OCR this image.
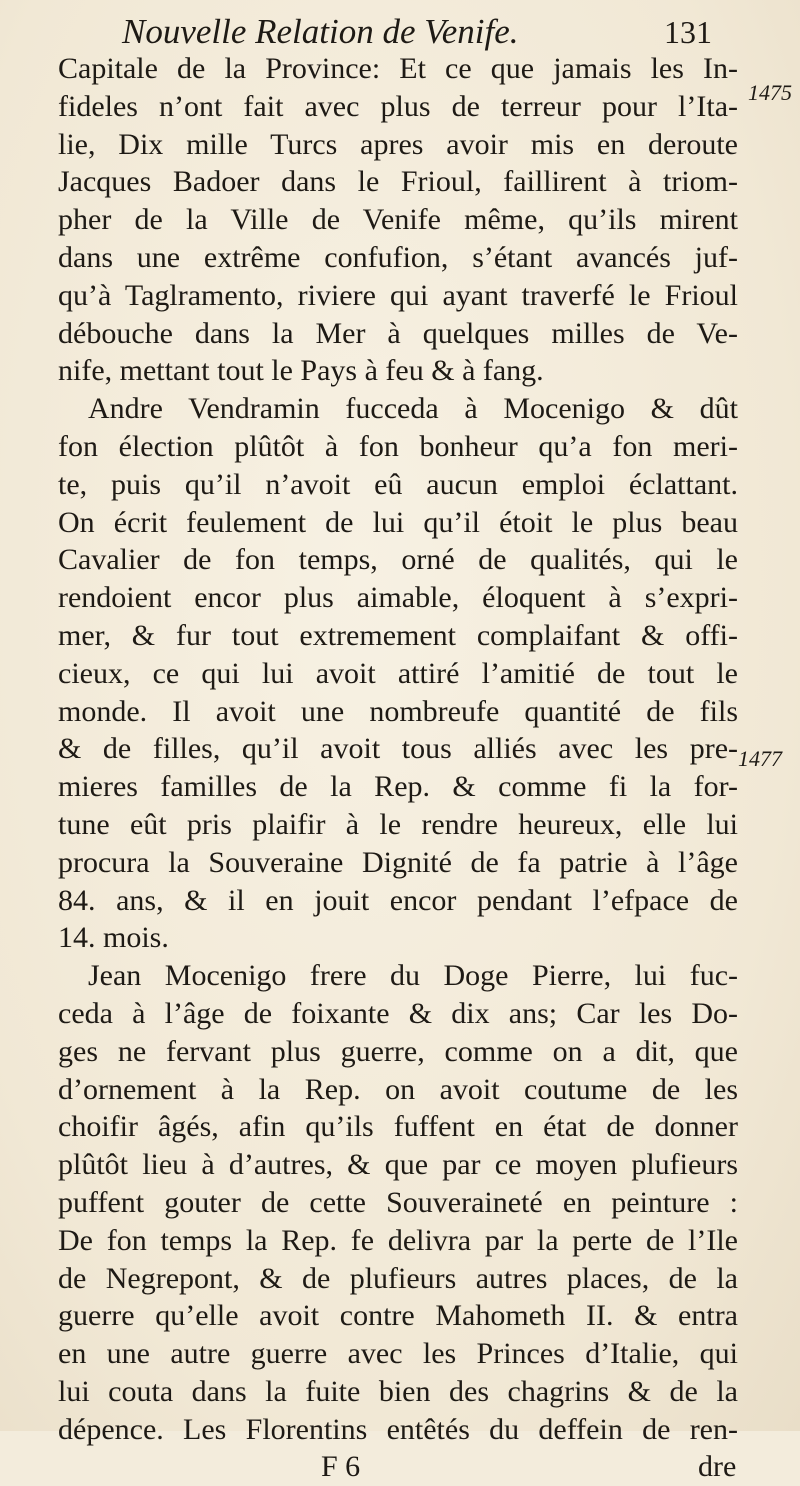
Nouvelle Relation de Venife.	131
1475
1477
Capitale de la Province: Et ce que jamais les In-
fideles n’ont fait avec plus de terreur pour l’Ita-
lie, Dix mille Turcs apres avoir mis en deroute
Jacques Badoer dans le Frioul, faillirent à triom-
pher de la Ville de Venife même, qu’ils mirent
dans une extrême confufion, s’étant avancés juf-
qu’à Taglramento, riviere qui ayant traverfé le Frioul
débouche dans la Mer à quelques milles de Ve-
nife, mettant tout le Pays à feu & à fang.
Andre Vendramin fucceda à Mocenigo & dût
fon élection plûtôt à fon bonheur qu’a fon meri-
te, puis qu’il n’avoit eû aucun emploi éclattant.
On écrit feulement de lui qu’il étoit le plus beau
Cavalier de fon temps, orné de qualités, qui le
rendoient encor plus aimable, éloquent à s’expri-
mer, & fur tout extremement complaifant & offi-
cieux, ce qui lui avoit attiré l’amitié de tout le
monde. Il avoit une nombreufe quantité de fils
& de filles, qu’il avoit tous alliés avec les pre-
mieres familles de la Rep. & comme fi la for-
tune eût pris plaifir à le rendre heureux, elle lui
procura la Souveraine Dignité de fa patrie à l’âge
84. ans, & il en jouit encor pendant l’efpace de
14. mois.
Jean Mocenigo frere du Doge Pierre, lui fuc-
ceda à l’âge de foixante & dix ans; Car les Do-
ges ne fervant plus guerre, comme on a dit, que
d’ornement à la Rep. on avoit coutume de les
choifir âgés, afin qu’ils fuffent en état de donner
plûtôt lieu à d’autres, & que par ce moyen plufieurs
puffent gouter de cette Souveraineté en peinture :
De fon temps la Rep. fe delivra par la perte de l’Ile
de Negrepont, & de plufieurs autres places, de la
guerre qu’elle avoit contre Mahometh II. & entra
en une autre guerre avec les Princes d’Italie, qui
lui couta dans la fuite bien des chagrins & de la
dépence. Les Florentins entêtés du deffein de ren-
F 6	dre
